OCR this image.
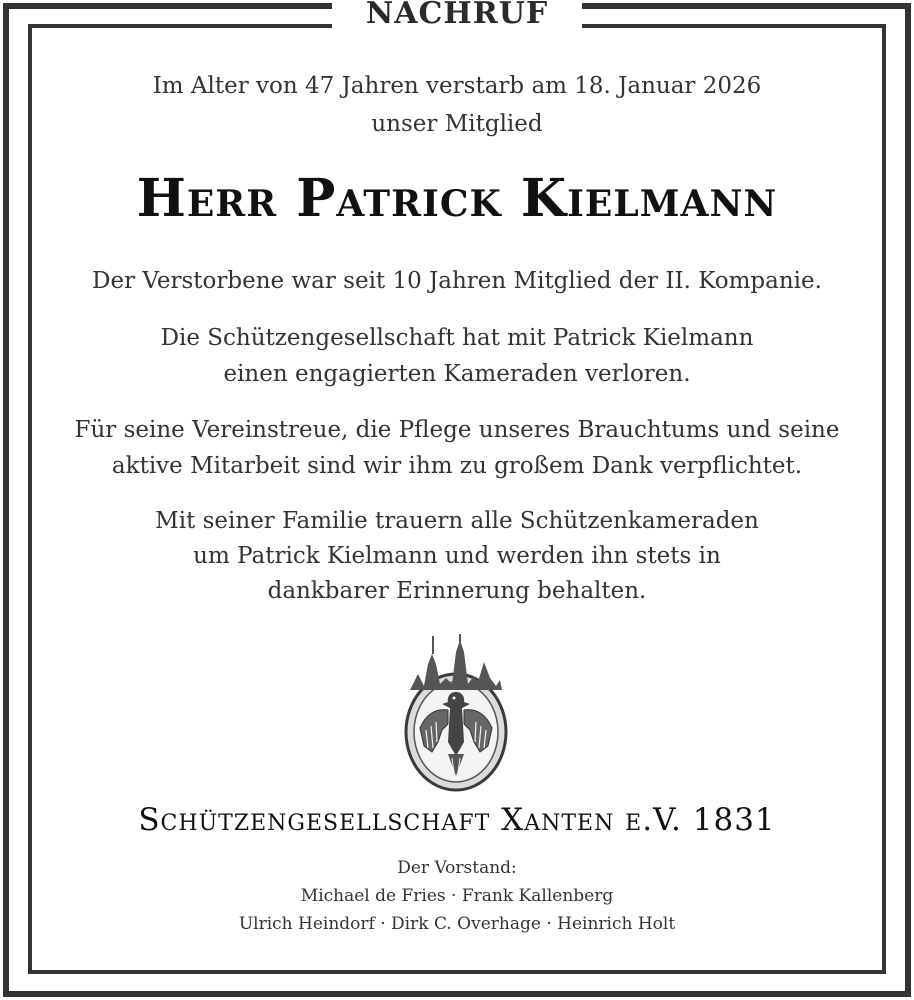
NACHRUF
Im Alter von 47 Jahren verstarb am 18. Januar 2026
unser Mitglied
Herr Patrick Kielmann
Der Verstorbene war seit 10 Jahren Mitglied der II. Kompanie.
Die Schützengesellschaft hat mit Patrick Kielmann
einen engagierten Kameraden verloren.
Für seine Vereinstreue, die Pflege unseres Brauchtums und seine
aktive Mitarbeit sind wir ihm zu großem Dank verpflichtet.
Mit seiner Familie trauern alle Schützenkameraden
um Patrick Kielmann und werden ihn stets in
dankbarer Erinnerung behalten.
Schützengesellschaft Xanten e.V. 1831
Der Vorstand:
Michael de Fries · Frank Kallenberg
Ulrich Heindorf · Dirk C. Overhage · Heinrich Holt
